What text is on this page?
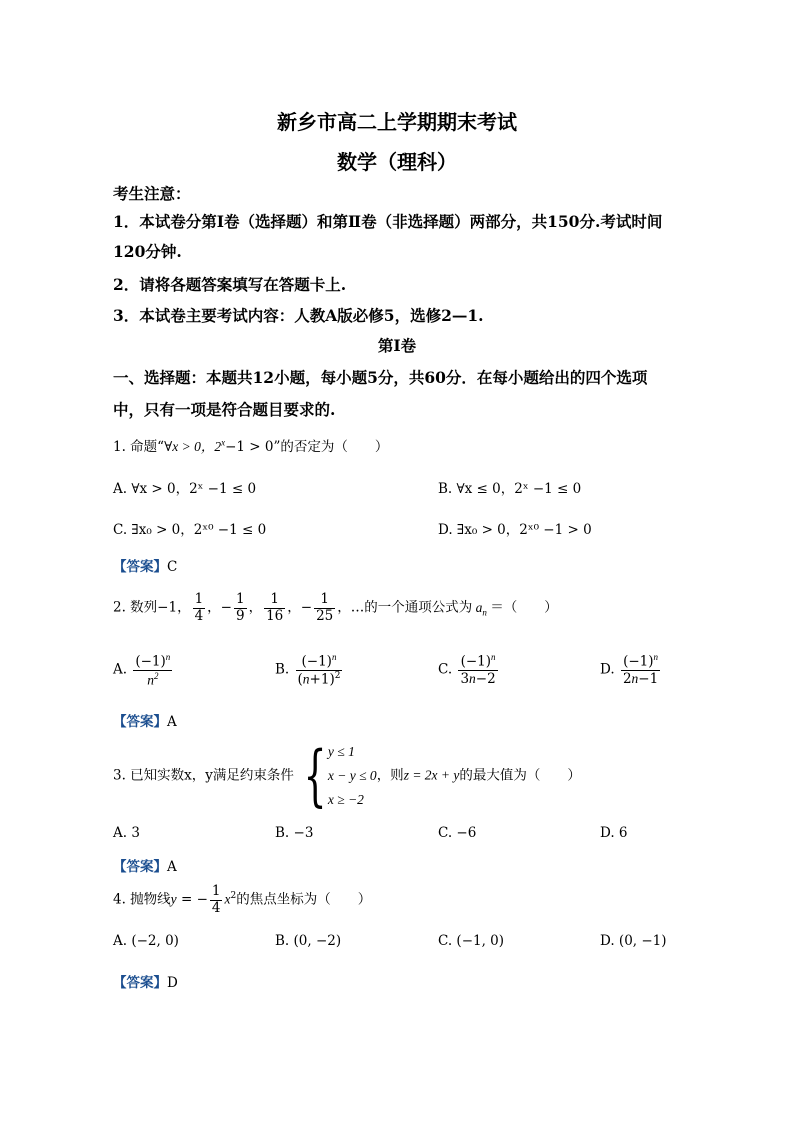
新乡市高二上学期期末考试
数学（理科）
考生注意：
1．本试卷分第Ⅰ卷（选择题）和第Ⅱ卷（非选择题）两部分，共150分.考试时间
120分钟.
2．请将各题答案填写在答题卡上.
3．本试卷主要考试内容：人教A版必修5，选修2—1.
第Ⅰ卷
一、选择题：本题共12小题，每小题5分，共60分．在每小题给出的四个选项
中，只有一项是符合题目要求的.
1. 命题“∀x > 0，$2^x-1 > 0$”的否定为（　　）
A. ∀x > 0，2ˣ −1 ≤ 0	B. ∀x ≤ 0，2ˣ −1 ≤ 0
C. ∃x₀ > 0，2ˣ⁰ −1 ≤ 0	D. ∃x₀ > 0，2ˣ⁰ −1 > 0
【答案】C
2. 数列−1， $\frac{1}{4}$ ，− $\frac{1}{9}$ ， $\frac{1}{16}$ ，− $\frac{1}{25}$ ，…的一个通项公式为 $a_n$ ＝（　　）
A. $\frac{(-1)^n}{n^2}$	B. $\frac{(-1)^n}{(n+1)^2}$	C. $\frac{(-1)^n}{3n-2}$	D. $\frac{(-1)^n}{2n-1}$
【答案】A
3. 已知实数x，y满足约束条件 { y ≤ 1
x − y ≤ 0
x ≥ −2
，则z = 2x + y的最大值为（　　）
A. 3	B. −3	C. −6	D. 6
【答案】A
4. 抛物线y = − $\frac{1}{4} x^2$的焦点坐标为（　　）
A. (−2, 0)	B. (0, −2)	C. (−1, 0)	D. (0, −1)
【答案】D
